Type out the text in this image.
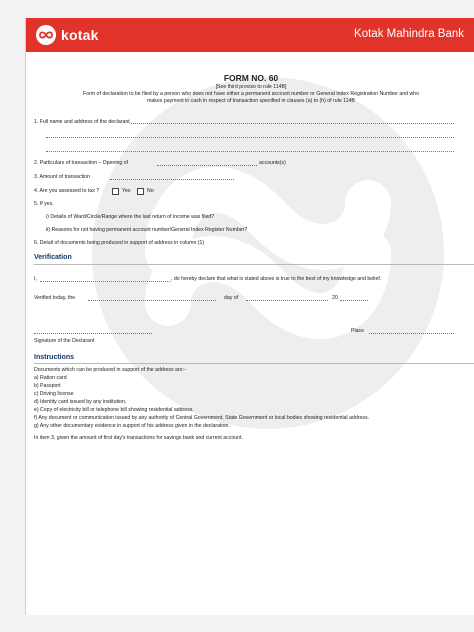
kotak	Kotak Mahindra Bank
FORM NO. 60
[See third proviso to rule 114B]
Form of declaration to be filed by a person who does not have either a permanent account number or General Index Registration Number and who
makes payment in cash in respect of transaction specified in clauses (a) to (h) of rule 114B
1. Full name and address of the declarant
2. Particulars of transaction – Opening of	accounts(s)
3. Amount of transaction
4. Are you assessed to tax ?	Yes	No
5. If yes,
i) Details of Ward/Circle/Range where the last return of income was filed?
ii) Reasons for not having permanent account number/General Index Register Number?
6. Detail of documents being produced in support of address in column (1)
Verification
I,	, do hereby declare that what is stated above is true to the best of my knowledge and belief.
Verified today, the	day of	20
Place
Signature of the Declarant
Instructions
Documents which can be produced in support of the address are:-
a) Ration card
b) Passport
c) Driving license
d) Identity card issued by any institution.
e) Copy of electricity bill or telephone bill showing residential address.
f) Any document or communication issued by any authority of Central Government, State Government or local bodies showing residential address.
g) Any other documentary evidence in support of his address given in the declaration.
In item 3, given the amount of first day's transactions for savings bank and current account.
